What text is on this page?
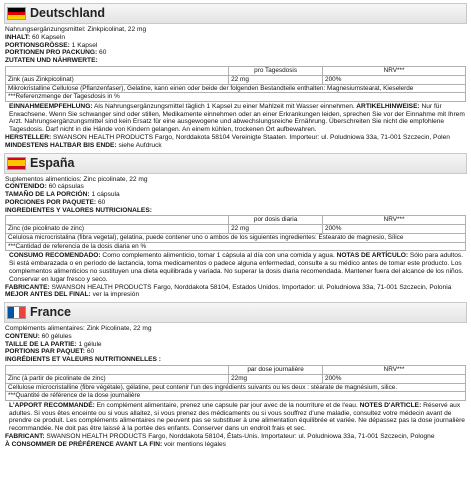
Deutschland

Nahrungsergänzungsmittel: Zinkpicolinat, 22 mg

INHALT: 60 Kapseln

PORTIONSGRÖSSE: 1 Kapsel

PORTIONEN PRO PACKUNG: 60

ZUTATEN UND NÄHRWERTE:

	pro Tagesdosis	NRV***
Zink (aus Zinkpicolinat)	22 mg	200%
Mikrokristalline Cellulose (Pflanzenfaser), Gelatine, kann einen oder beide der folgenden Bestandteile enthalten: Magnesiumstearat, Kieselerde
***Referenzmenge der Tagesdosis in %

EINNAHMEEMPFEHLUNG: Als Nahrungsergänzungsmittel täglich 1 Kapsel zu einer Mahlzeit mit Wasser einnehmen. ARTIKELHINWEISE: Nur für Erwachsene. Wenn Sie schwanger sind oder stillen, Medikamente einnehmen oder an einer Erkrankungen leiden, sprechen Sie vor der Einnahme mit Ihrem Arzt. Nahrungsergänzungsmittel sind kein Ersatz für eine ausgewogene und abwechslungsreiche Ernährung. Überschreiten Sie nicht die empfohlene Tagesdosis. Darf nicht in die Hände von Kindern gelangen. An einem kühlen, trockenen Ort aufbewahren.

HERSTELLER: SWANSON HEALTH PRODUCTS Fargo, Norddakota 58104 Vereinigte Staaten. Importeur: ul. Poludniowa 33a, 71-001 Szczecin, Polen

MINDESTENS HALTBAR BIS ENDE: siehe Aufdruck

España

Suplementos alimenticios: Zinc picolinate, 22 mg

CONTENIDO: 60 cápsulas

TAMAÑO DE LA PORCIÓN: 1 cápsula

PORCIONES POR PAQUETE: 60

INGREDIENTES Y VALORES NUTRICIONALES:

	por dosis diaria	NRV***
Zinc (de picolinato de zinc)	22 mg	200%
Celulosa microcristalina (fibra vegetal), gelatina, puede contener uno o ambos de los siguientes ingredientes: Estearato de magnesio, Sílice
***Cantidad de referencia de la dosis diaria en %

CONSUMO RECOMENDADO: Como complemento alimenticio, tomar 1 cápsula al día con una comida y agua. NOTAS DE ARTÍCULO: Sólo para adultos. Si está embarazada o en período de lactancia, toma medicamentos o padece alguna enfermedad, consulte a su médico antes de tomar este producto. Los complementos alimenticios no sustituyen una dieta equilibrada y variada. No superar la dosis diaria recomendada. Mantener fuera del alcance de los niños. Conservar en lugar fresco y seco.

FABRICANTE: SWANSON HEALTH PRODUCTS Fargo, Norddakota 58104, Estados Unidos. Importador: ul. Poludniowa 33a, 71-001 Szczecin, Polonia

MEJOR ANTES DEL FINAL: ver la impresión

France

Compléments alimentaires: Zink Picolinate, 22 mg

CONTENU: 60 gélules

TAILLE DE LA PARTIE: 1 gélule

PORTIONS PAR PAQUET: 60

INGRÉDIENTS ET VALEURS NUTRITIONNELLES :

	par dose journalière	NRV***
Zinc (à partir de picolinate de zinc)	22mg	200%
Cellulose microcristalline (fibre végétale), gélatine, peut contenir l'un des ingrédients suivants ou les deux : stéarate de magnésium, silice.
***Quantité de référence de la dose journalière

L'APPORT RECOMMANDÉ: En complément alimentaire, prenez une capsule par jour avec de la nourriture et de l'eau. NOTES D'ARTICLE: Réservé aux adultes. Si vous êtes enceinte ou si vous allaitez, si vous prenez des médicaments ou si vous souffrez d'une maladie, consultez votre médecin avant de prendre ce produit. Les compléments alimentaires ne peuvent pas se substituer à une alimentation équilibrée et variée. Ne dépassez pas la dose journalière recommandée. Ne doit pas être laissé à la portée des enfants. Conserver dans un endroit frais et sec.

FABRICANT: SWANSON HEALTH PRODUCTS Fargo, Norddakota 58104, États-Unis. Importateur: ul. Poludniowa 33a, 71-001 Szczecin, Pologne

À CONSOMMER DE PRÉFÉRENCE AVANT LA FIN: voir mentions légales
